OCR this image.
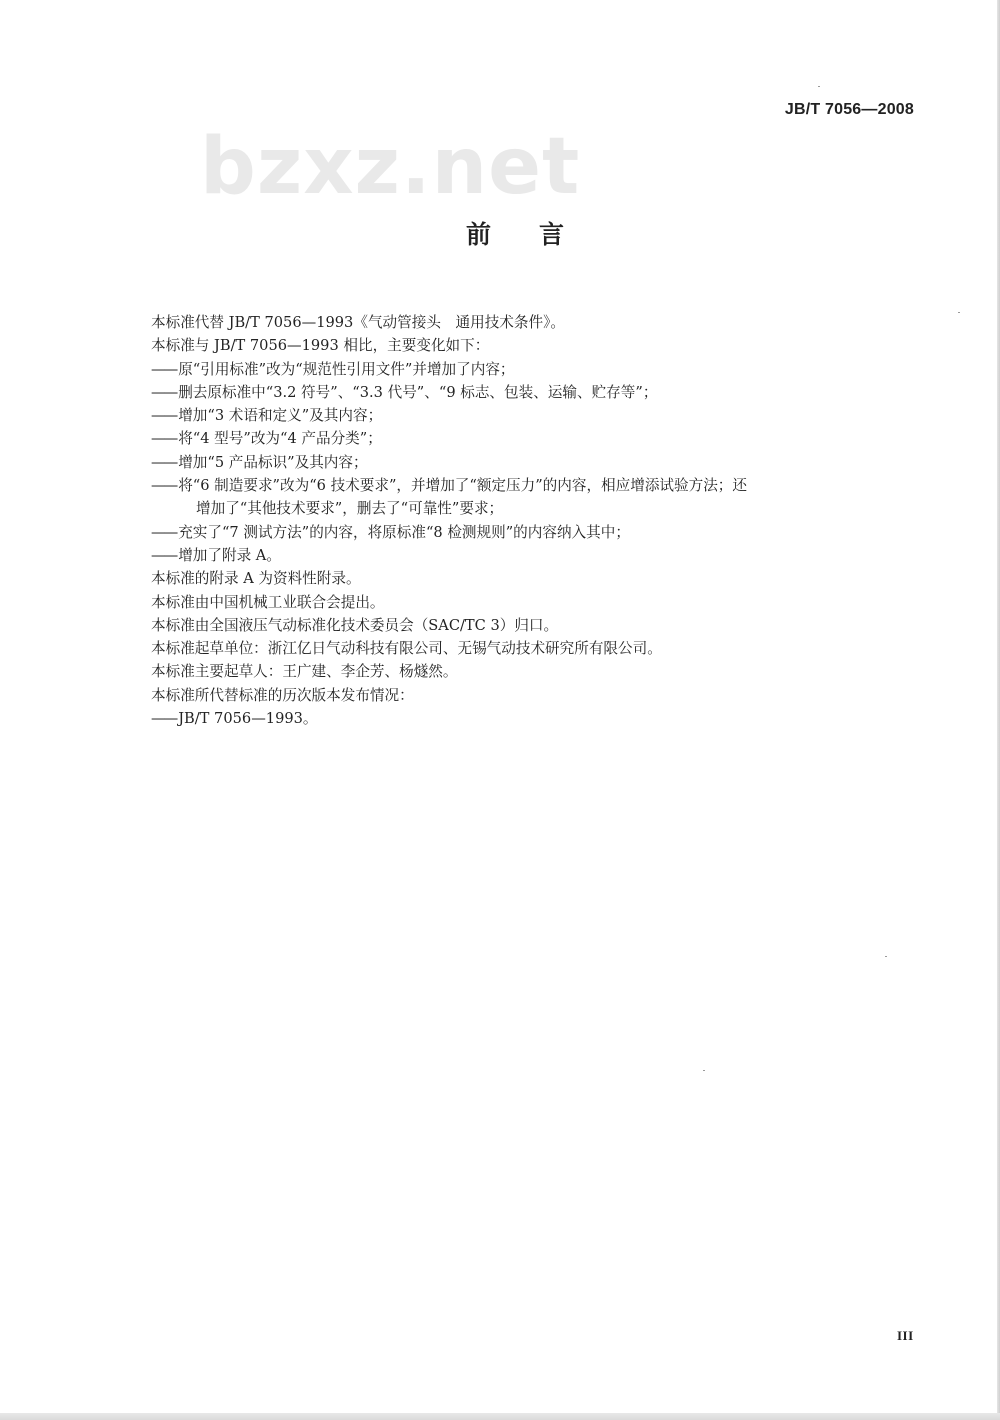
JB/T 7056—2008
bzxz.net
前言
本标准代替 JB/T 7056—1993《气动管接头　通用技术条件》。
本标准与 JB/T 7056—1993 相比，主要变化如下：
—— 原“引用标准”改为“规范性引用文件”并增加了内容；
—— 删去原标准中“3.2 符号”、“3.3 代号”、“9 标志、包装、运输、贮存等”；
—— 增加“3 术语和定义”及其内容；
—— 将“4 型号”改为“4 产品分类”；
—— 增加“5 产品标识”及其内容；
—— 将“6 制造要求”改为“6 技术要求”，并增加了“额定压力”的内容，相应增添试验方法；还
增加了“其他技术要求”，删去了“可靠性”要求；
—— 充实了“7 测试方法”的内容，将原标准“8 检测规则”的内容纳入其中；
—— 增加了附录 A。
本标准的附录 A 为资料性附录。
本标准由中国机械工业联合会提出。
本标准由全国液压气动标准化技术委员会（SAC/TC 3）归口。
本标准起草单位：浙江亿日气动科技有限公司、无锡气动技术研究所有限公司。
本标准主要起草人：王广建、李企芳、杨燧然。
本标准所代替标准的历次版本发布情况：
—— JB/T 7056—1993。
III
